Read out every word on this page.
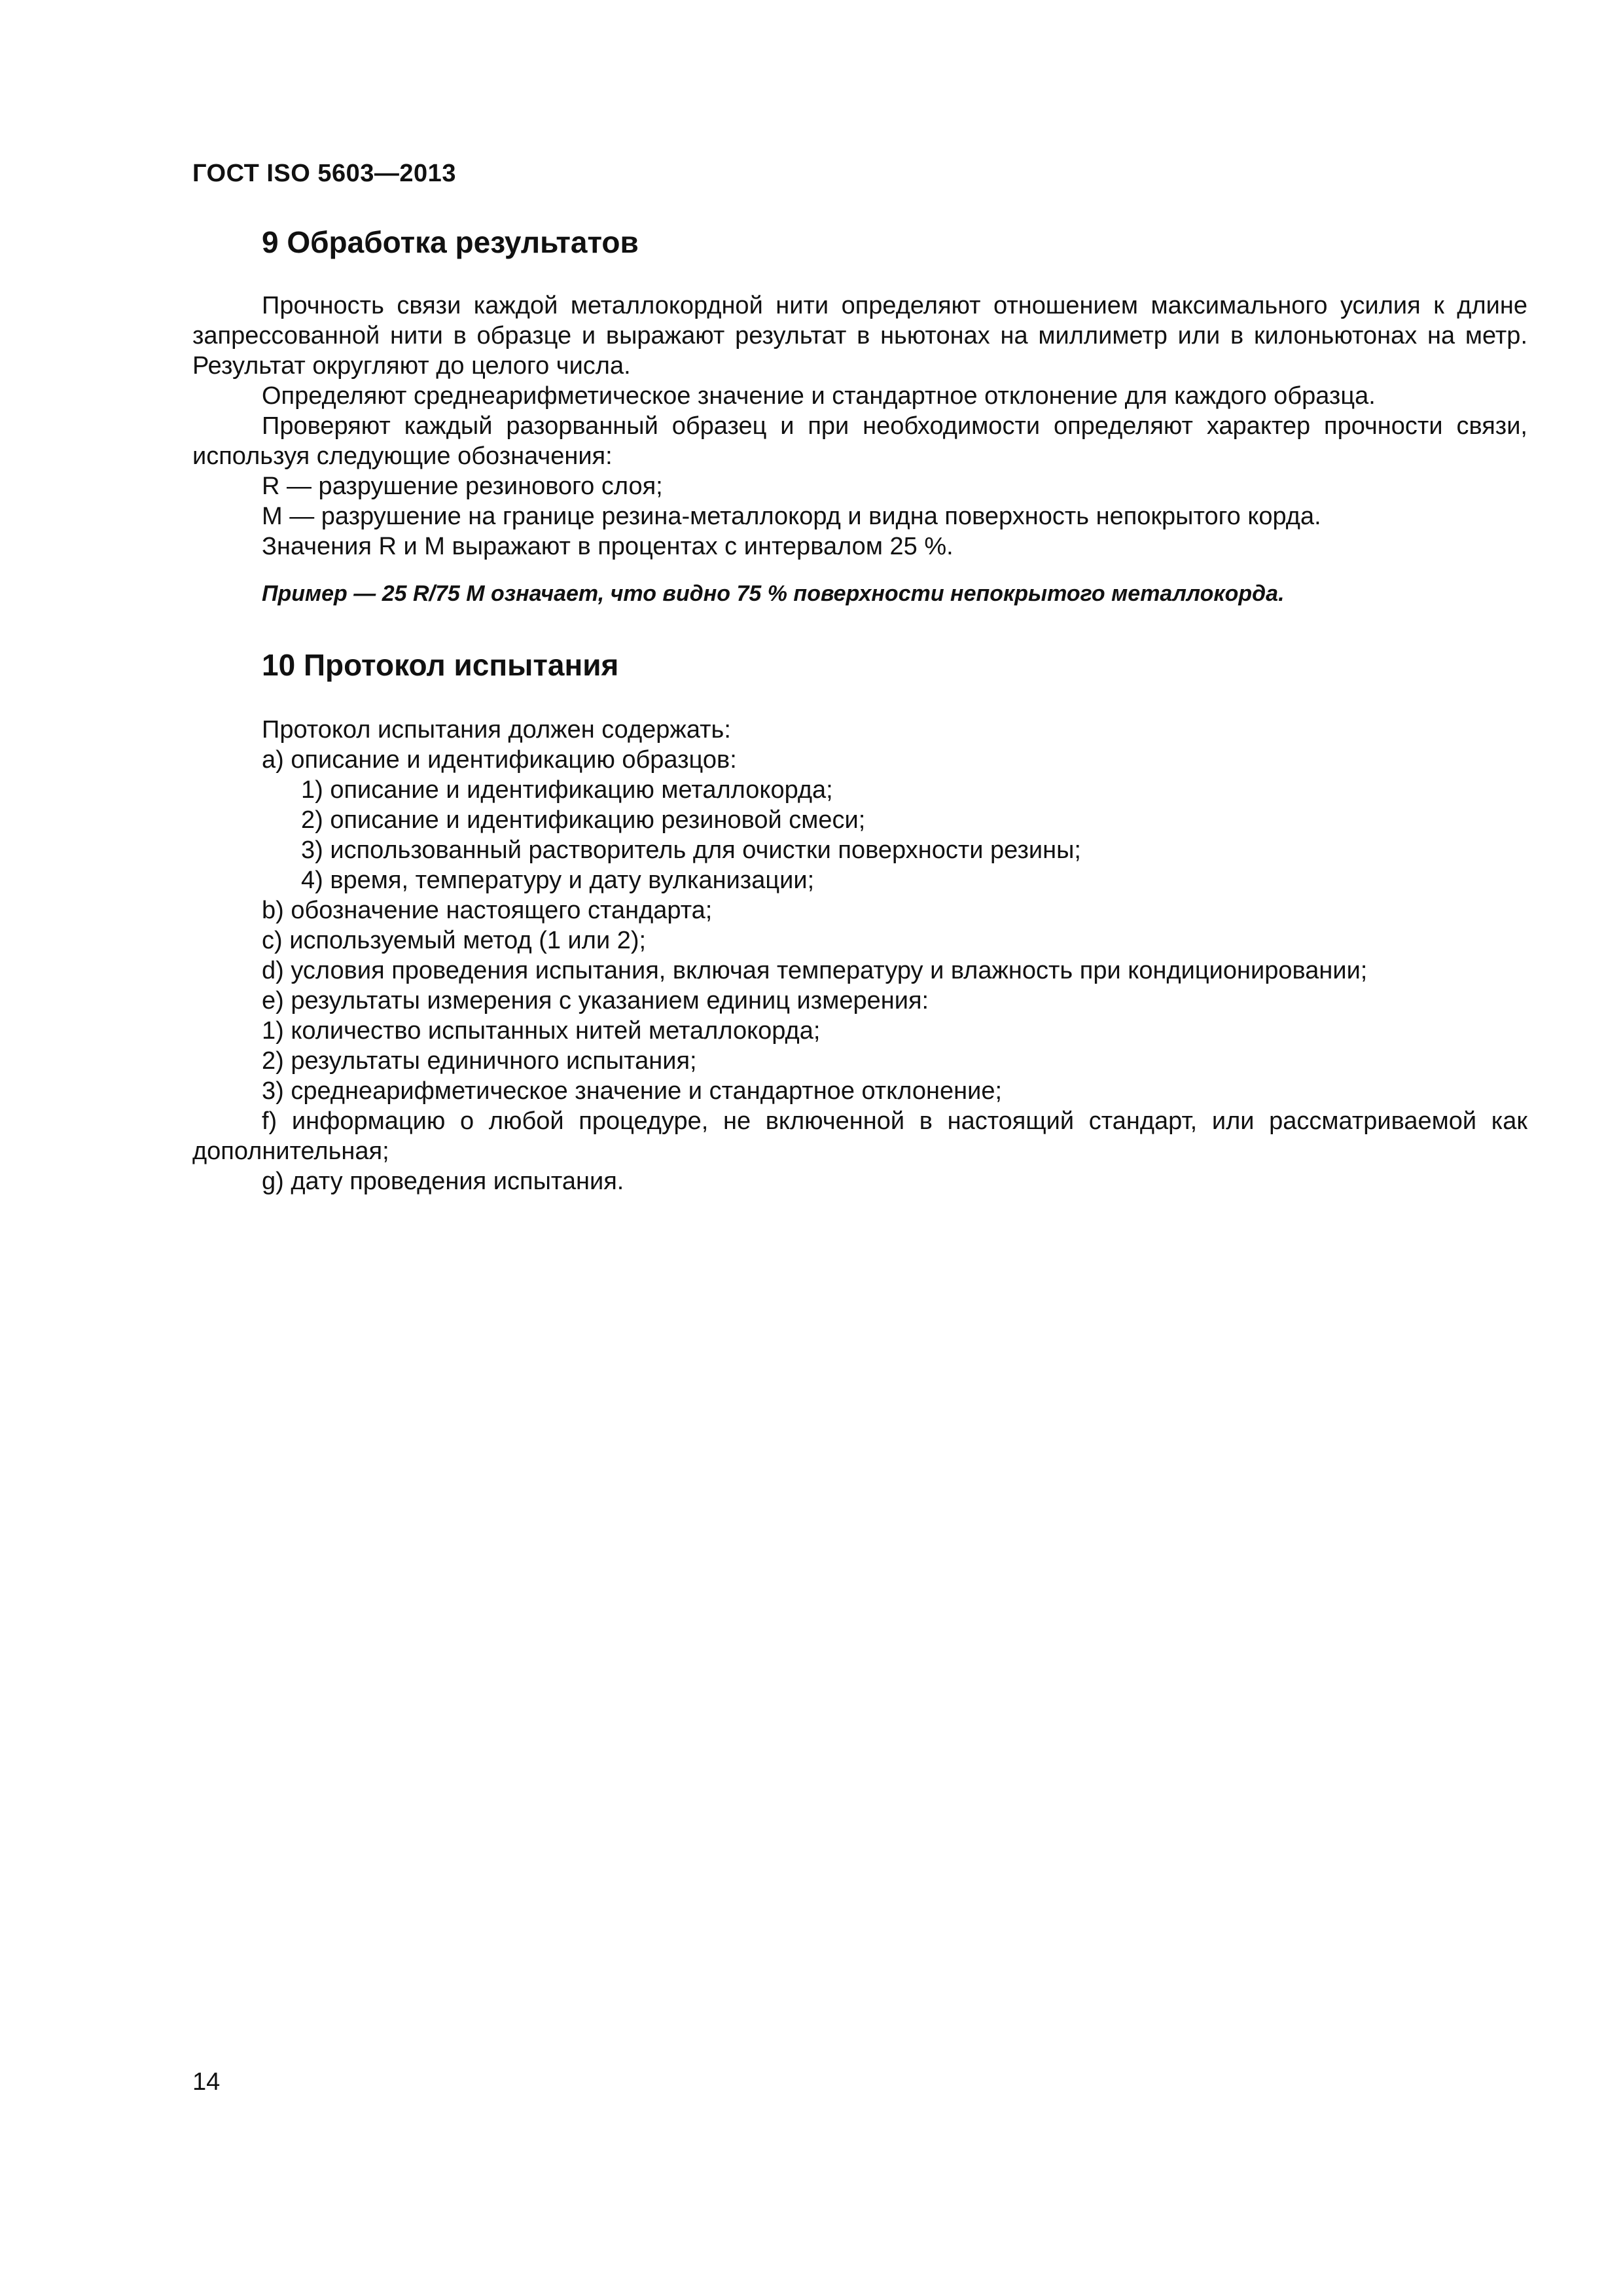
ГОСТ ISO 5603—2013
9 Обработка результатов

Прочность связи каждой металлокордной нити определяют отношением максимального усилия к длине запрессованной нити в образце и выражают результат в ньютонах на миллиметр или в килоньютонах на метр. Результат округляют до целого числа.

Определяют среднеарифметическое значение и стандартное отклонение для каждого образца.

Проверяют каждый разорванный образец и при необходимости определяют характер прочности связи, используя следующие обозначения:

R — разрушение резинового слоя;

М — разрушение на границе резина-металлокорд и видна поверхность непокрытого корда.

Значения R и М выражают в процентах с интервалом 25 %.

Пример — 25 R/75 М означает, что видно 75 % поверхности непокрытого металлокорда.

10 Протокол испытания

Протокол испытания должен содержать:

а) описание и идентификацию образцов:

1) описание и идентификацию металлокорда;

2) описание и идентификацию резиновой смеси;

3) использованный растворитель для очистки поверхности резины;

4) время, температуру и дату вулканизации;

b) обозначение настоящего стандарта;

с) используемый метод (1 или 2);

d) условия проведения испытания, включая температуру и влажность при кондиционировании;

е) результаты измерения с указанием единиц измерения:

1) количество испытанных нитей металлокорда;

2) результаты единичного испытания;

3) среднеарифметическое значение и стандартное отклонение;

f) информацию о любой процедуре, не включенной в настоящий стандарт, или рассматриваемой как дополнительная;

g) дату проведения испытания.

14
